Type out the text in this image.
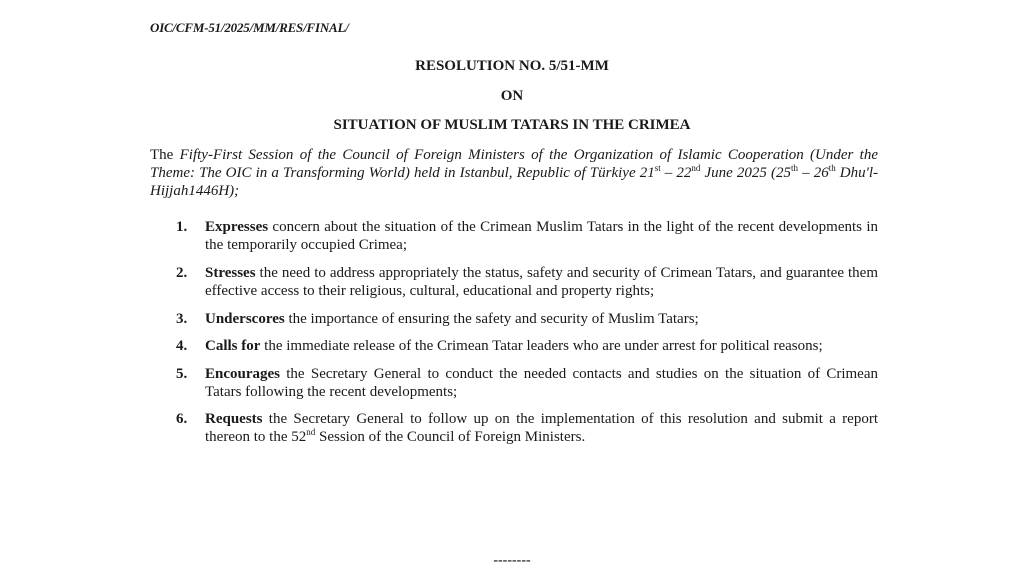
OIC/CFM-51/2025/MM/RES/FINAL/
RESOLUTION NO. 5/51-MM
ON
SITUATION OF MUSLIM TATARS IN THE CRIMEA
The Fifty-First Session of the Council of Foreign Ministers of the Organization of Islamic Cooperation (Under the Theme: The OIC in a Transforming World) held in Istanbul, Republic of Türkiye 21st – 22nd June 2025 (25th – 26th Dhu'l-Hijjah1446H);
1. Expresses concern about the situation of the Crimean Muslim Tatars in the light of the recent developments in the temporarily occupied Crimea;
2. Stresses the need to address appropriately the status, safety and security of Crimean Tatars, and guarantee them effective access to their religious, cultural, educational and property rights;
3. Underscores the importance of ensuring the safety and security of Muslim Tatars;
4. Calls for the immediate release of the Crimean Tatar leaders who are under arrest for political reasons;
5. Encourages the Secretary General to conduct the needed contacts and studies on the situation of Crimean Tatars following the recent developments;
6. Requests the Secretary General to follow up on the implementation of this resolution and submit a report thereon to the 52nd Session of the Council of Foreign Ministers.
--------
